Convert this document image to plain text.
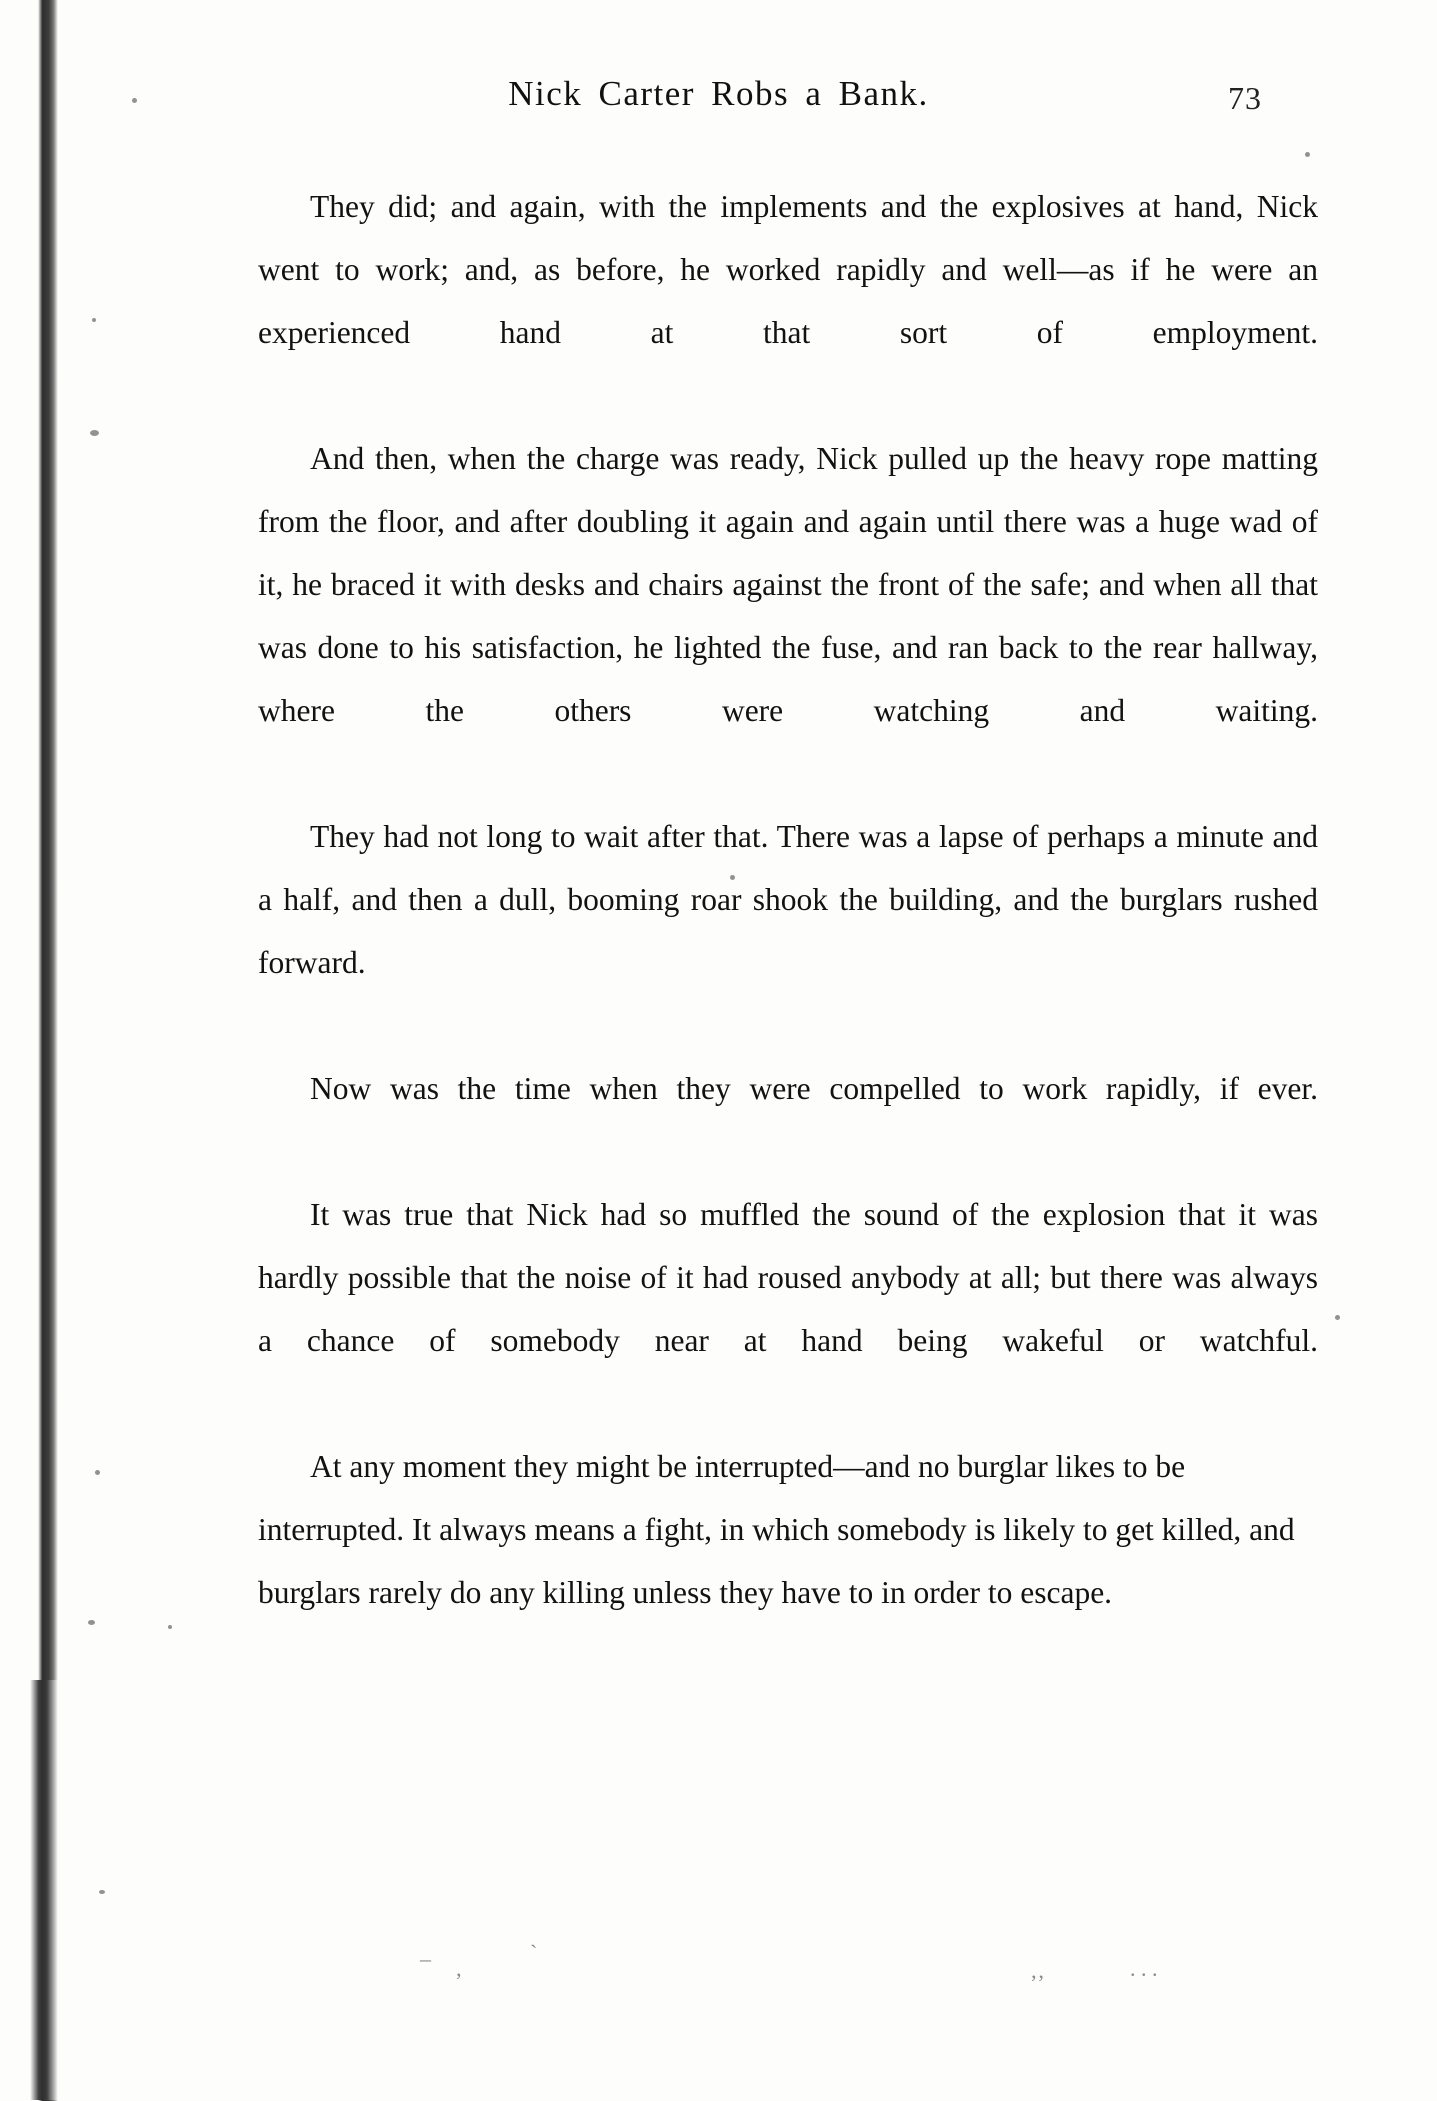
Nick Carter Robs a Bank.	73

They did; and again, with the implements and the explosives at hand, Nick went to work; and, as before, he worked rapidly and well—as if he were an experienced hand at that sort of employment.

And then, when the charge was ready, Nick pulled up the heavy rope matting from the floor, and after doubling it again and again until there was a huge wad of it, he braced it with desks and chairs against the front of the safe; and when all that was done to his satisfaction, he lighted the fuse, and ran back to the rear hallway, where the others were watching and waiting.

They had not long to wait after that. There was a lapse of perhaps a minute and a half, and then a dull, booming roar shook the building, and the burglars rushed forward.

Now was the time when they were compelled to work rapidly, if ever.

It was true that Nick had so muffled the sound of the explosion that it was hardly possible that the noise of it had roused anybody at all; but there was always a chance of somebody near at hand being wakeful or watchful.

At any moment they might be interrupted—and no burglar likes to be interrupted. It always means a fight, in which somebody is likely to get killed, and burglars rarely do any killing unless they have to in order to escape.

– ‚
`
‚‚	. . .
